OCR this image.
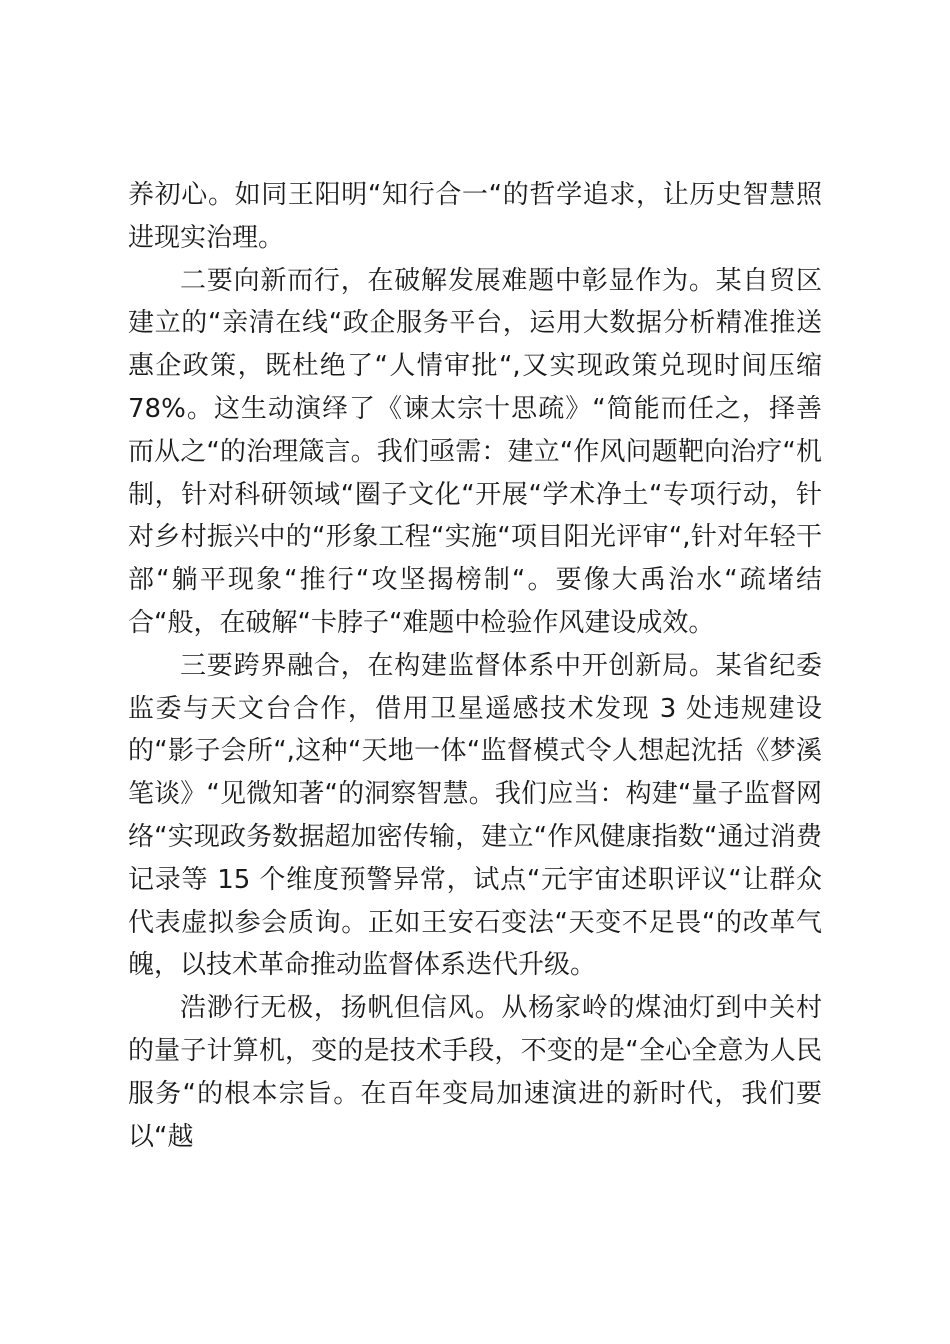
养初心。如同王阳明“知行合一“的哲学追求，让历史智慧照进现实治理。

二要向新而行，在破解发展难题中彰显作为。某自贸区建立的“亲清在线“政企服务平台，运用大数据分析精准推送惠企政策，既杜绝了“人情审批“,又实现政策兑现时间压缩 78%。这生动演绎了《谏太宗十思疏》“简能而任之，择善而从之“的治理箴言。我们亟需：建立“作风问题靶向治疗“机制，针对科研领域“圈子文化“开展“学术净土“专项行动，针对乡村振兴中的“形象工程“实施“项目阳光评审“,针对年轻干部“躺平现象“推行“攻坚揭榜制“。要像大禹治水“疏堵结合“般，在破解“卡脖子“难题中检验作风建设成效。

三要跨界融合，在构建监督体系中开创新局。某省纪委监委与天文台合作，借用卫星遥感技术发现 3 处违规建设的“影子会所“,这种“天地一体“监督模式令人想起沈括《梦溪笔谈》“见微知著“的洞察智慧。我们应当：构建“量子监督网络“实现政务数据超加密传输，建立“作风健康指数“通过消费记录等 15 个维度预警异常，试点“元宇宙述职评议“让群众代表虚拟参会质询。正如王安石变法“天变不足畏“的改革气魄，以技术革命推动监督体系迭代升级。

浩渺行无极，扬帆但信风。从杨家岭的煤油灯到中关村的量子计算机，变的是技术手段，不变的是“全心全意为人民服务“的根本宗旨。在百年变局加速演进的新时代，我们要以“越
